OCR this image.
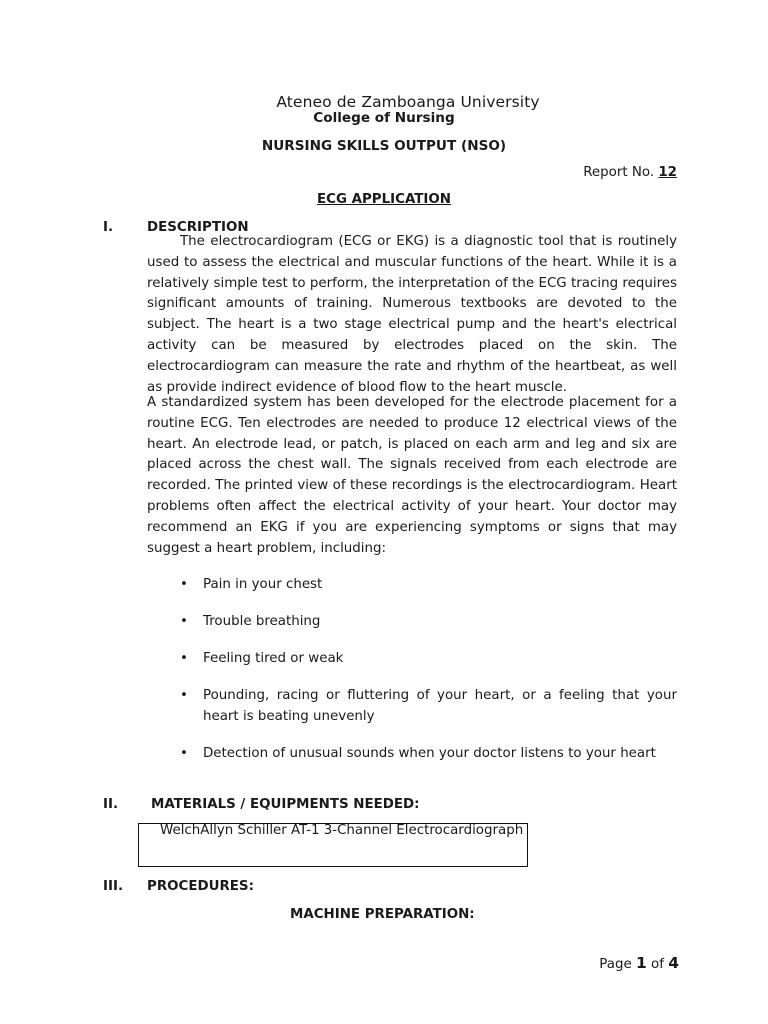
Ateneo de Zamboanga University
College of Nursing
NURSING SKILLS OUTPUT (NSO)
Report No. 12
ECG APPLICATION
I.	DESCRIPTION
The electrocardiogram (ECG or EKG) is a diagnostic tool that is routinely used to assess the electrical and muscular functions of the heart. While it is a relatively simple test to perform, the interpretation of the ECG tracing requires significant amounts of training. Numerous textbooks are devoted to the subject. The heart is a two stage electrical pump and the heart's electrical activity can be measured by electrodes placed on the skin. The electrocardiogram can measure the rate and rhythm of the heartbeat, as well as provide indirect evidence of blood flow to the heart muscle.
A standardized system has been developed for the electrode placement for a routine ECG. Ten electrodes are needed to produce 12 electrical views of the heart. An electrode lead, or patch, is placed on each arm and leg and six are placed across the chest wall. The signals received from each electrode are recorded. The printed view of these recordings is the electrocardiogram. Heart problems often affect the electrical activity of your heart. Your doctor may recommend an EKG if you are experiencing symptoms or signs that may suggest a heart problem, including:
• Pain in your chest
• Trouble breathing
• Feeling tired or weak
• Pounding, racing or fluttering of your heart, or a feeling that your heart is beating unevenly
• Detection of unusual sounds when your doctor listens to your heart
II. MATERIALS / EQUIPMENTS NEEDED:
WelchAllyn Schiller AT-1 3-Channel Electrocardiograph
III. PROCEDURES:
MACHINE PREPARATION:
Page 1 of 4
